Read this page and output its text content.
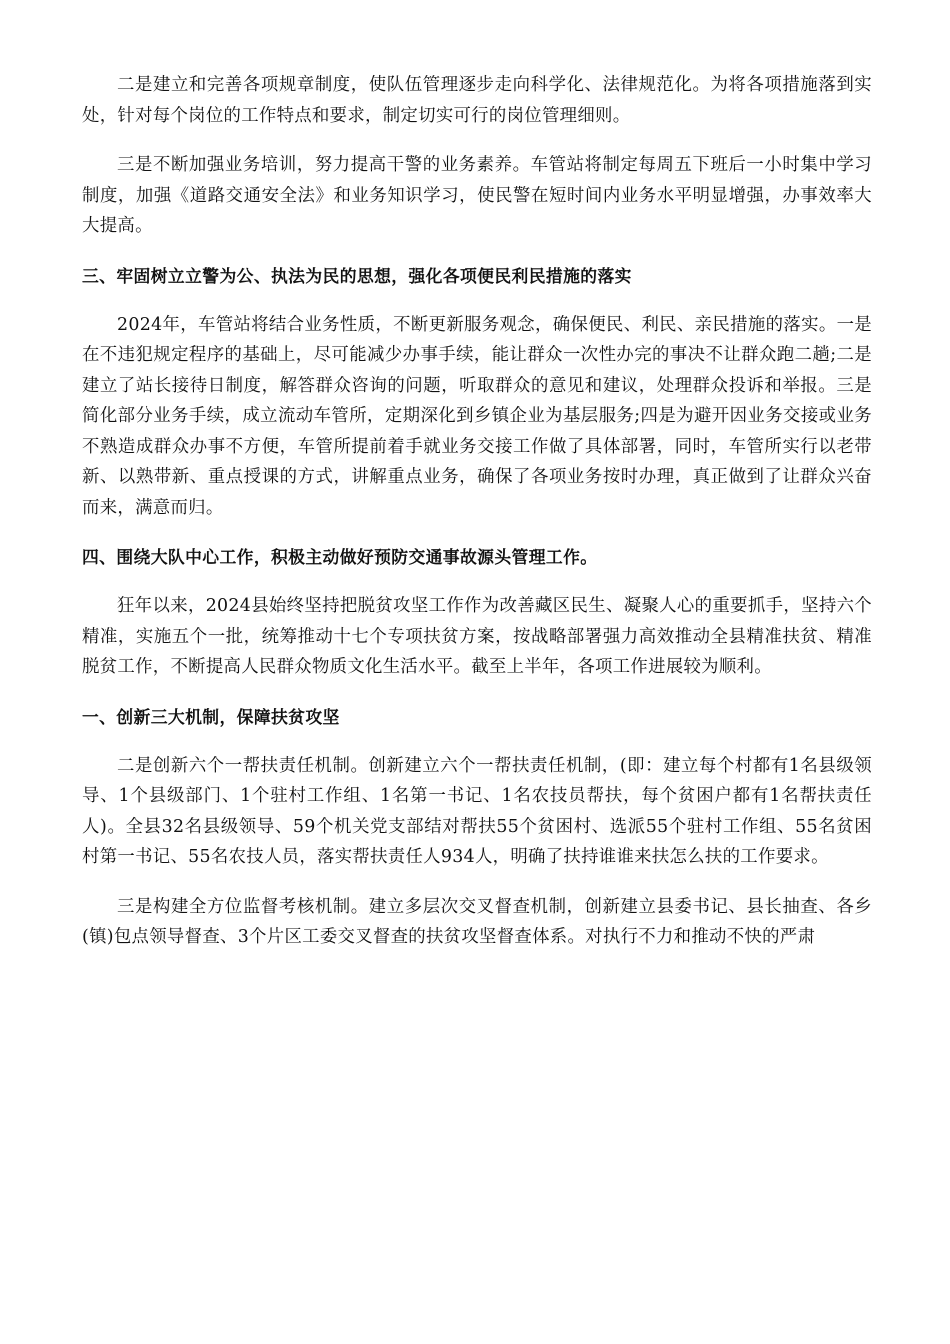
二是建立和完善各项规章制度，使队伍管理逐步走向科学化、法律规范化。为将各项措施落到实处，针对每个岗位的工作特点和要求，制定切实可行的岗位管理细则。

三是不断加强业务培训，努力提高干警的业务素养。车管站将制定每周五下班后一小时集中学习制度，加强《道路交通安全法》和业务知识学习，使民警在短时间内业务水平明显增强，办事效率大大提高。

三、牢固树立立警为公、执法为民的思想，强化各项便民利民措施的落实

2024年，车管站将结合业务性质，不断更新服务观念，确保便民、利民、亲民措施的落实。一是在不违犯规定程序的基础上，尽可能减少办事手续，能让群众一次性办完的事决不让群众跑二趟;二是建立了站长接待日制度，解答群众咨询的问题，听取群众的意见和建议，处理群众投诉和举报。三是简化部分业务手续，成立流动车管所，定期深化到乡镇企业为基层服务;四是为避开因业务交接或业务不熟造成群众办事不方便，车管所提前着手就业务交接工作做了具体部署，同时，车管所实行以老带新、以熟带新、重点授课的方式，讲解重点业务，确保了各项业务按时办理，真正做到了让群众兴奋而来，满意而归。

四、围绕大队中心工作，积极主动做好预防交通事故源头管理工作。

狂年以来，2024县始终坚持把脱贫攻坚工作作为改善藏区民生、凝聚人心的重要抓手，坚持六个精准，实施五个一批，统筹推动十七个专项扶贫方案，按战略部署强力高效推动全县精准扶贫、精准脱贫工作，不断提高人民群众物质文化生活水平。截至上半年，各项工作进展较为顺利。

一、创新三大机制，保障扶贫攻坚

二是创新六个一帮扶责任机制。创新建立六个一帮扶责任机制，(即：建立每个村都有1名县级领导、1个县级部门、1个驻村工作组、1名第一书记、1名农技员帮扶，每个贫困户都有1名帮扶责任人)。全县32名县级领导、59个机关党支部结对帮扶55个贫困村、选派55个驻村工作组、55名贫困村第一书记、55名农技人员，落实帮扶责任人934人，明确了扶持谁谁来扶怎么扶的工作要求。

三是构建全方位监督考核机制。建立多层次交叉督查机制，创新建立县委书记、县长抽查、各乡(镇)包点领导督查、3个片区工委交叉督查的扶贫攻坚督查体系。对执行不力和推动不快的严肃
